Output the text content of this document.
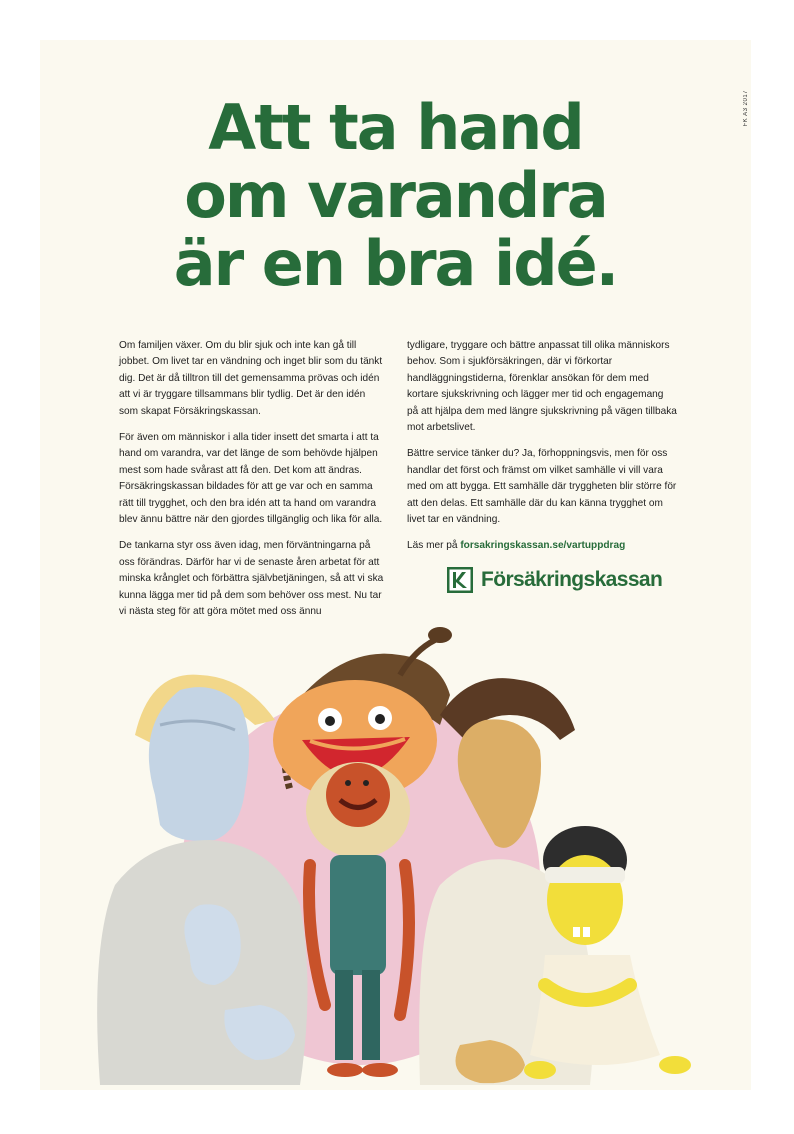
FK A3 2017
Att ta hand
om varandra
är en bra idé.

Om familjen växer. Om du blir sjuk och inte kan gå till jobbet. Om livet tar en vändning och inget blir som du tänkt dig. Det är då tilltron till det gemensamma prövas och idén att vi är tryggare tillsammans blir tydlig. Det är den idén som skapat Försäkringskassan.

För även om människor i alla tider insett det smarta i att ta hand om varandra, var det länge de som behövde hjälpen mest som hade svårast att få den. Det kom att ändras. Försäkringskassan bildades för att ge var och en samma rätt till trygghet, och den bra idén att ta hand om varandra blev ännu bättre när den gjordes tillgänglig och lika för alla.

De tankarna styr oss även idag, men förväntningarna på oss förändras. Därför har vi de senaste åren arbetat för att minska krånglet och förbättra självbetjäningen, så att vi ska kunna lägga mer tid på dem som behöver oss mest. Nu tar vi nästa steg för att göra mötet med oss ännu

tydligare, tryggare och bättre anpassat till olika människors behov. Som i sjukförsäkringen, där vi förkortar handläggningstiderna, förenklar ansökan för dem med kortare sjukskrivning och lägger mer tid och engagemang på att hjälpa dem med längre sjukskrivning på vägen tillbaka mot arbetslivet.

Bättre service tänker du? Ja, förhoppningsvis, men för oss handlar det först och främst om vilket samhälle vi vill vara med om att bygga. Ett samhälle där tryggheten blir större för att den delas. Ett samhälle där du kan känna trygghet om livet tar en vändning.

Läs mer på forsakringskassan.se/vartuppdrag

Försäkringskassan
